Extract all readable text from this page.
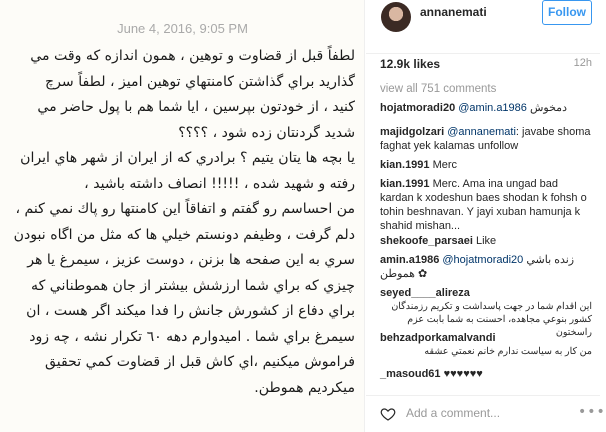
June 4, 2016, 9:05 PM
لطفاً قبل از قضاوت و توهين ، همون اندازه كه وقت مي
گذاريد براي گذاشتن كامنتهاي توهين اميز ، لطفاً سرچ
كنيد ، از خودتون بپرسين ، ايا شما هم با پول حاضر مي
شديد گردنتان زده شود ، ؟؟؟؟
يا بچه ها يتان يتيم ؟ برادري كه از ايران از شهر هاي ايران
رفته و شهيد شده ، !!!!! انصاف داشته باشيد ،
من احساسم رو گفتم و اتفاقاً اين كامنتها رو پاك نمي كنم ،
دلم گرفت ، وظيفم دونستم خيلي ها كه مثل من اگاه نبودن
سري به اين صفحه ها بزنن ، دوست عزيز ، سيمرغ يا هر
چيزي كه براي شما ارزشش بيشتر از جان هموطناني كه
براي دفاع از كشورش جانش را فدا ميكند اگر هست ، ان
سيمرغ براي شما . اميدوارم دهه ٦٠ تكرار نشه ، چه زود
فراموش ميكنيم ،اي كاش قبل از قضاوت كمي تحقيق
ميكرديم هموطن.
annanemati	Follow
12.9k likes	12h
view all 751 comments
hojatmoradi20 @amin.a1986 دمخوش
majidgolzari @annanemati: javabe shoma faghat yek kalamas unfollow
kian.1991 Merc
kian.1991 Merc. Ama ina ungad bad kardan k xodeshun baes shodan k fohsh o tohin beshnavan. Y jayi xuban hamunja k shahid mishan...
shekoofe_parsaei Like
amin.a1986 @hojatmoradi20 زنده باشي هموطن ✿
seyed____alireza
اين اقدام شما در جهت پاسداشت و تكريم رزمندگان كشور بنوعي مجاهده، احسنت به شما بابت عزم راسختون
behzadporkamalvandi
من كار به سياست ندارم خانم نعمتي عشقه
_masoud61 ♥♥♥♥♥♥
Add a comment...	•••
